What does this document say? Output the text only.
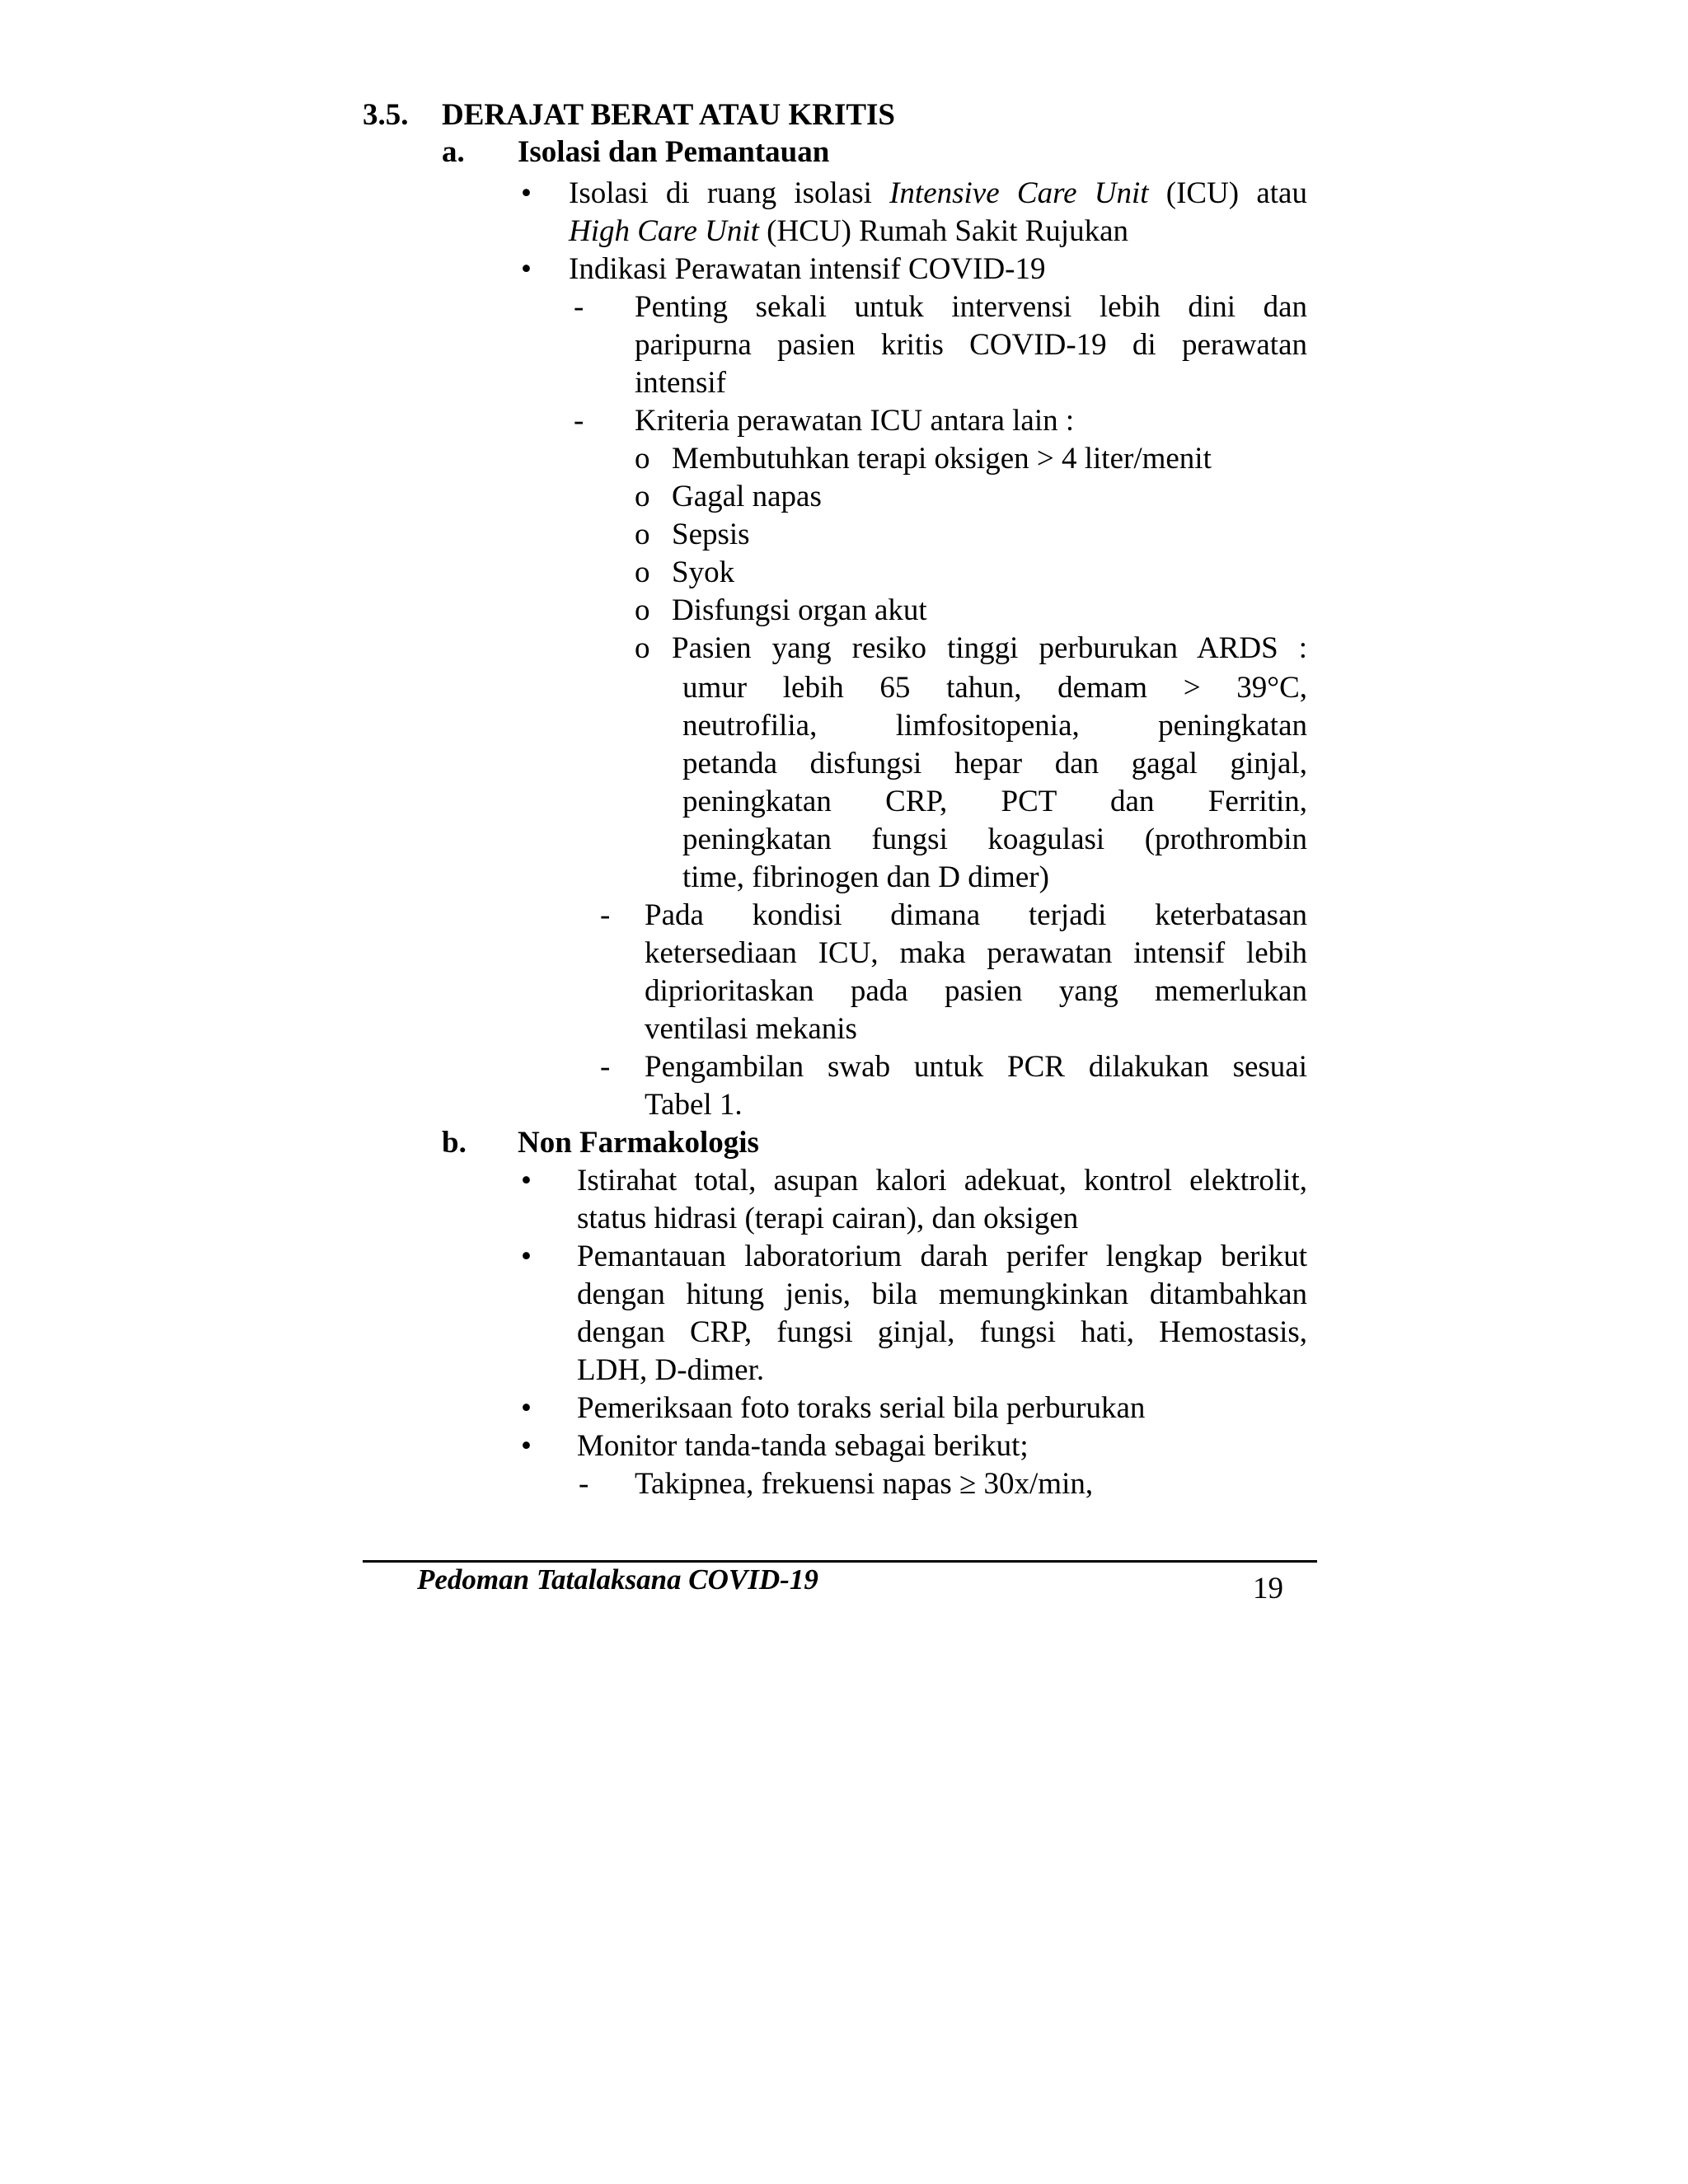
3.5. DERAJAT BERAT ATAU KRITIS
a. Isolasi dan Pemantauan
• Isolasi di ruang isolasi Intensive Care Unit (ICU) atau

High Care Unit (HCU) Rumah Sakit Rujukan

• Indikasi Perawatan intensif COVID-19

- Penting sekali untuk intervensi lebih dini dan

paripurna pasien kritis COVID-19 di perawatan

intensif

- Kriteria perawatan ICU antara lain :

o Membutuhkan terapi oksigen > 4 liter/menit

o Gagal napas

o Sepsis

o Syok

o Disfungsi organ akut

o Pasien yang resiko tinggi perburukan ARDS :

umur lebih 65 tahun, demam > 39°C,

neutrofilia, limfositopenia, peningkatan

petanda disfungsi hepar dan gagal ginjal,

peningkatan CRP, PCT dan Ferritin,

peningkatan fungsi koagulasi (prothrombin

time, fibrinogen dan D dimer)

- Pada kondisi dimana terjadi keterbatasan

ketersediaan ICU, maka perawatan intensif lebih

diprioritaskan pada pasien yang memerlukan

ventilasi mekanis

- Pengambilan swab untuk PCR dilakukan sesuai

Tabel 1.

b. Non Farmakologis
• Istirahat total, asupan kalori adekuat, kontrol elektrolit,

status hidrasi (terapi cairan), dan oksigen

• Pemantauan laboratorium darah perifer lengkap berikut

dengan hitung jenis, bila memungkinkan ditambahkan

dengan CRP, fungsi ginjal, fungsi hati, Hemostasis,

LDH, D-dimer.

• Pemeriksaan foto toraks serial bila perburukan

• Monitor tanda-tanda sebagai berikut;

- Takipnea, frekuensi napas ≥ 30x/min,

Pedoman Tatalaksana COVID-19	19
